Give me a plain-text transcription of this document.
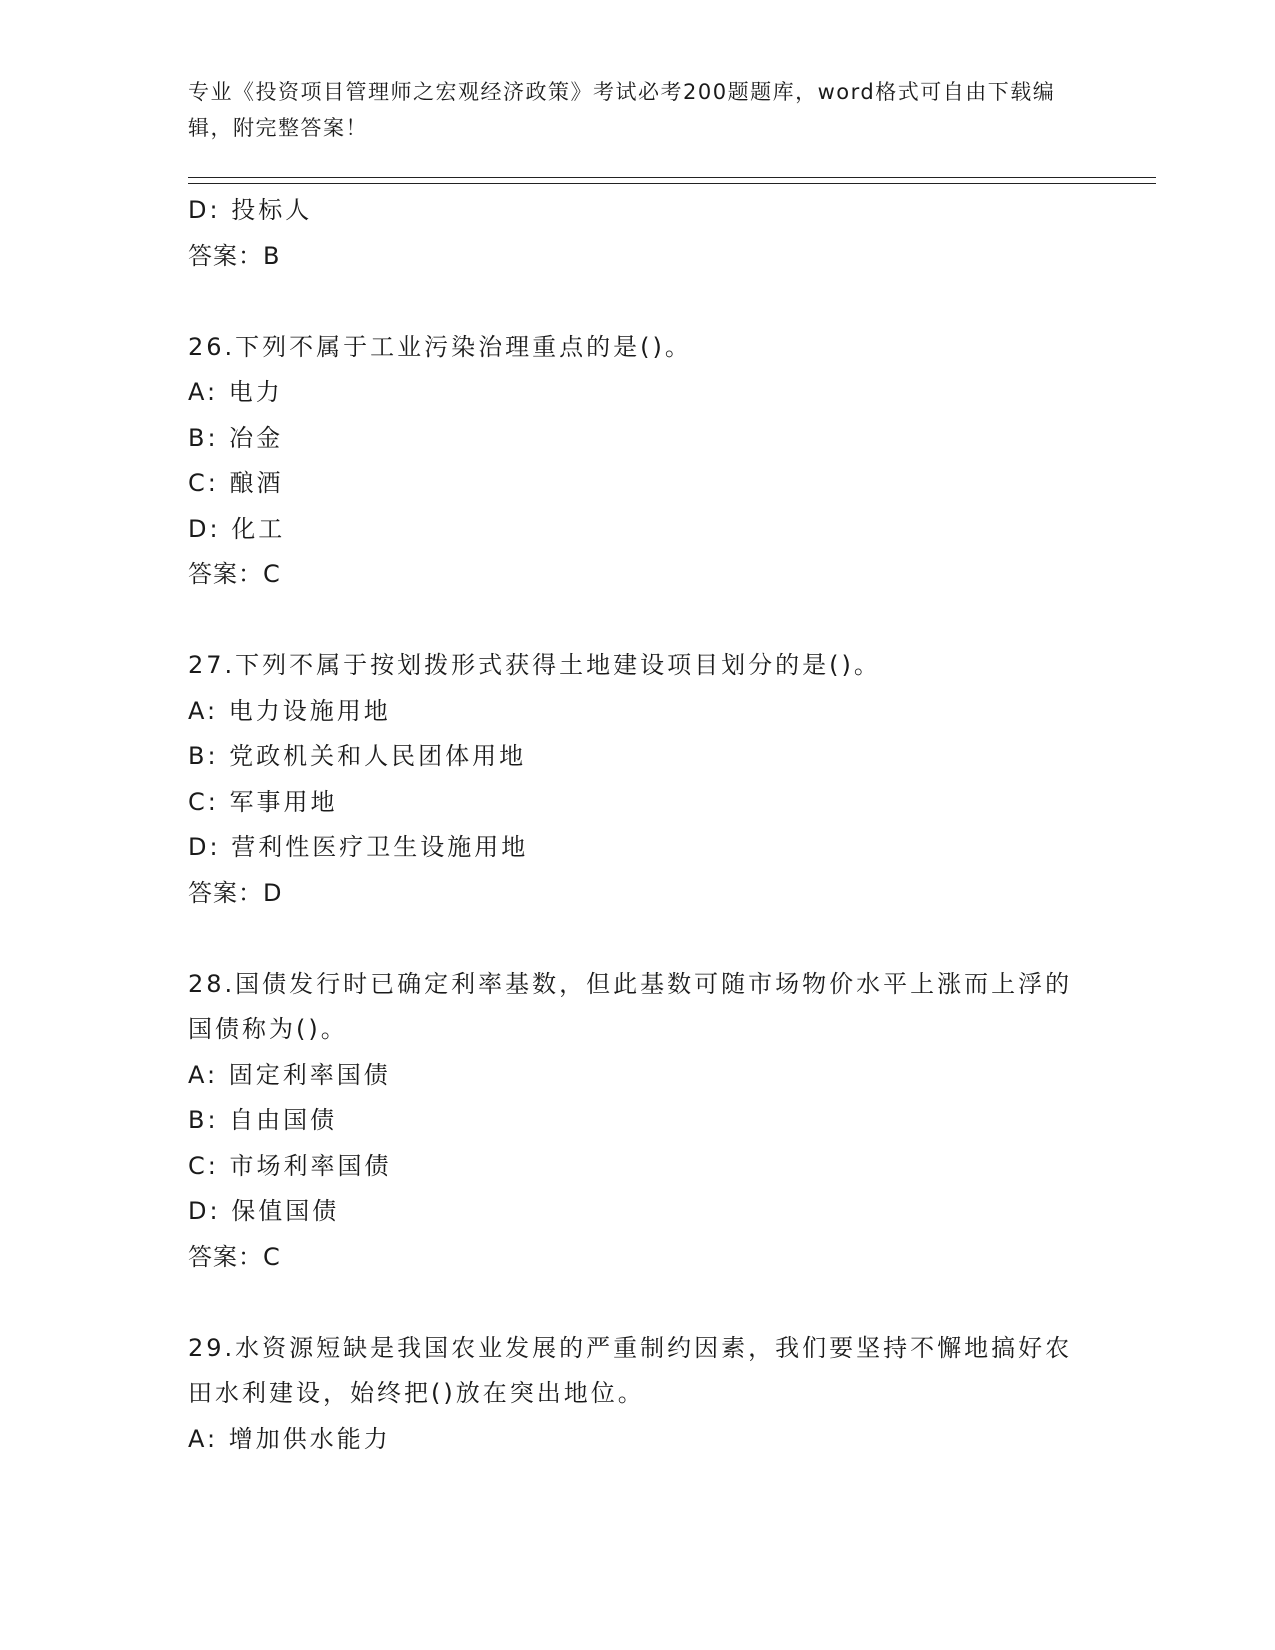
专业《投资项目管理师之宏观经济政策》考试必考200题题库，word格式可自由下载编辑，附完整答案！
D: 投标人
答案：B
26.下列不属于工业污染治理重点的是()。
A: 电力
B: 冶金
C: 酿酒
D: 化工
答案：C
27.下列不属于按划拨形式获得土地建设项目划分的是()。
A: 电力设施用地
B: 党政机关和人民团体用地
C: 军事用地
D: 营利性医疗卫生设施用地
答案：D
28.国债发行时已确定利率基数，但此基数可随市场物价水平上涨而上浮的国债称为()。
A: 固定利率国债
B: 自由国债
C: 市场利率国债
D: 保值国债
答案：C
29.水资源短缺是我国农业发展的严重制约因素，我们要坚持不懈地搞好农田水利建设，始终把()放在突出地位。
A: 增加供水能力
